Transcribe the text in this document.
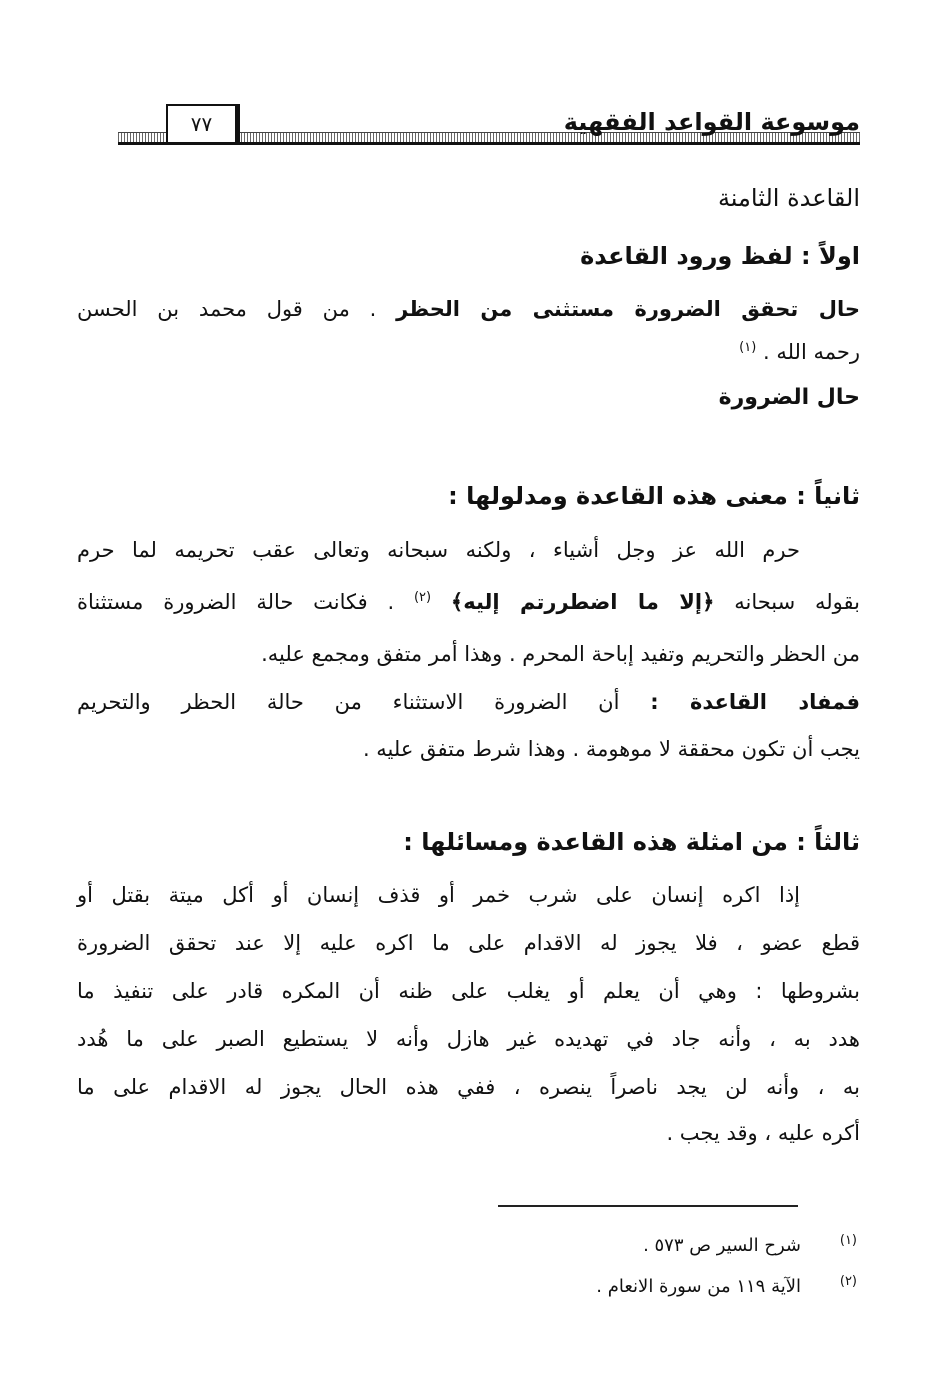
موسوعة القواعد الفقهية
٧٧
القاعدة الثامنة
اولاً : لفظ ورود القاعدة
حال تحقق الضرورة مستثنى من الحظر . من قول محمد بن الحسن
رحمه الله . $^{(١)}$
حال الضرورة
ثانياً : معنى هذه القاعدة ومدلولها :
حرم الله عز وجل أشياء ، ولكنه سبحانه وتعالى عقب تحريمه لما حرم
بقوله سبحانه ﴿إلا ما اضطررتم إليه﴾ $^{(٢)}$ . فكانت حالة الضرورة مستثناة
من الحظر والتحريم وتفيد إباحة المحرم . وهذا أمر متفق ومجمع عليه.
فمفاد القاعدة : أن الضرورة الاستثناء من حالة الحظر والتحريم
يجب أن تكون محققة لا موهومة . وهذا شرط متفق عليه .
ثالثاً : من امثلة هذه القاعدة ومسائلها :
إذا اكره إنسان على شرب خمر أو قذف إنسان أو أكل ميتة بقتل أو
قطع عضو ، فلا يجوز له الاقدام على ما اكره عليه إلا عند تحقق الضرورة
بشروطها : وهي أن يعلم أو يغلب على ظنه أن المكره قادر على تنفيذ ما
هدد به ، وأنه جاد في تهديده غير هازل وأنه لا يستطيع الصبر على ما هُدد
به ، وأنه لن يجد ناصراً ينصره ، ففي هذه الحال يجوز له الاقدام على ما
أكره عليه ، وقد يجب .
(١)شرح السير ص ٥٧٣ .
(٢)الآية ١١٩ من سورة الانعام .
